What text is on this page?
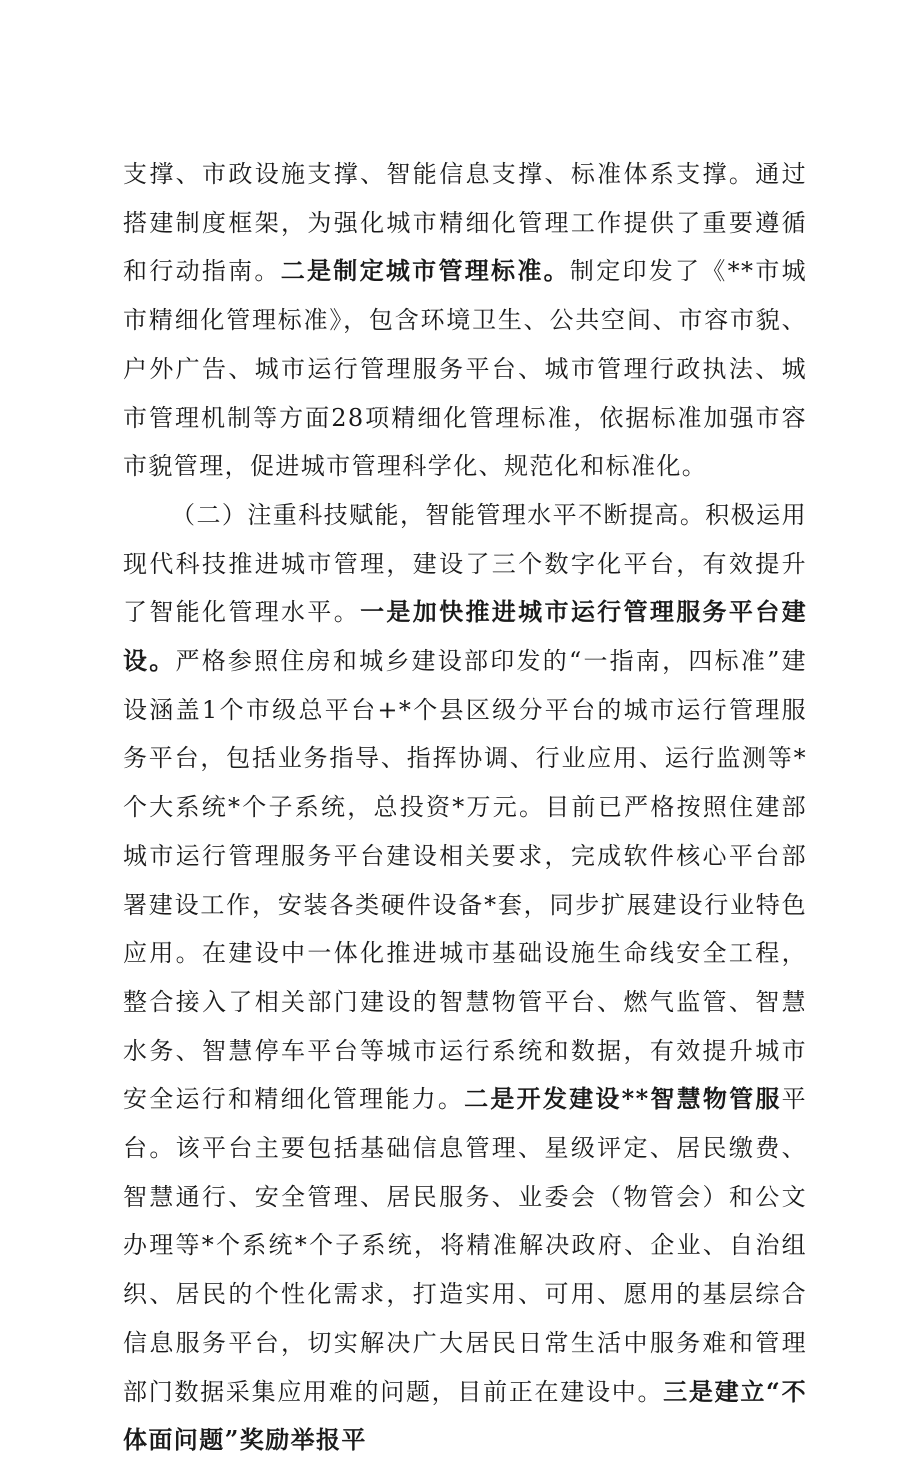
支撑、市政设施支撑、智能信息支撑、标准体系支撑。通过搭建制度框架，为强化城市精细化管理工作提供了重要遵循和行动指南。二是制定城市管理标准。制定印发了《**市城市精细化管理标准》，包含环境卫生、公共空间、市容市貌、户外广告、城市运行管理服务平台、城市管理行政执法、城市管理机制等方面28项精细化管理标准，依据标准加强市容市貌管理，促进城市管理科学化、规范化和标准化。

（二）注重科技赋能，智能管理水平不断提高。积极运用现代科技推进城市管理，建设了三个数字化平台，有效提升了智能化管理水平。一是加快推进城市运行管理服务平台建设。严格参照住房和城乡建设部印发的“一指南，四标准”建设涵盖1个市级总平台+*个县区级分平台的城市运行管理服务平台，包括业务指导、指挥协调、行业应用、运行监测等*个大系统*个子系统，总投资*万元。目前已严格按照住建部城市运行管理服务平台建设相关要求，完成软件核心平台部署建设工作，安装各类硬件设备*套，同步扩展建设行业特色应用。在建设中一体化推进城市基础设施生命线安全工程，整合接入了相关部门建设的智慧物管平台、燃气监管、智慧水务、智慧停车平台等城市运行系统和数据，有效提升城市安全运行和精细化管理能力。二是开发建设**智慧物管服平台。该平台主要包括基础信息管理、星级评定、居民缴费、智慧通行、安全管理、居民服务、业委会（物管会）和公文办理等*个系统*个子系统，将精准解决政府、企业、自治组织、居民的个性化需求，打造实用、可用、愿用的基层综合信息服务平台，切实解决广大居民日常生活中服务难和管理部门数据采集应用难的问题，目前正在建设中。三是建立“不体面问题”奖励举报平
